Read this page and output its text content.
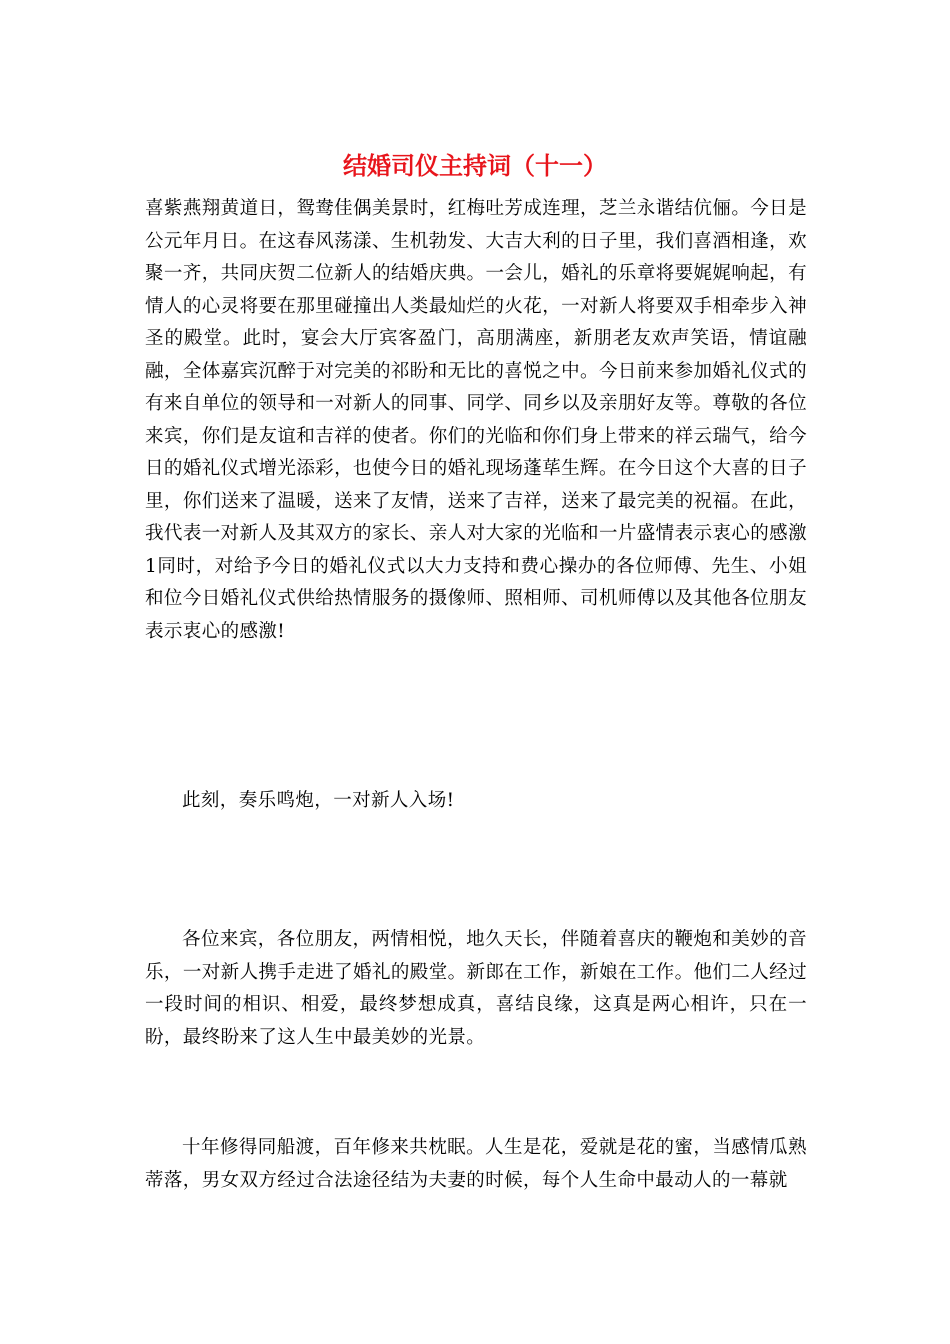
结婚司仪主持词（十一）

喜紫燕翔黄道日，鸳鸯佳偶美景时，红梅吐芳成连理，芝兰永谐结伉俪。今日是公元年月日。在这春风荡漾、生机勃发、大吉大利的日子里，我们喜酒相逢，欢聚一齐，共同庆贺二位新人的结婚庆典。一会儿，婚礼的乐章将要娓娓响起，有情人的心灵将要在那里碰撞出人类最灿烂的火花，一对新人将要双手相牵步入神圣的殿堂。此时，宴会大厅宾客盈门，高朋满座，新朋老友欢声笑语，情谊融融，全体嘉宾沉醉于对完美的祁盼和无比的喜悦之中。今日前来参加婚礼仪式的有来自单位的领导和一对新人的同事、同学、同乡以及亲朋好友等。尊敬的各位来宾，你们是友谊和吉祥的使者。你们的光临和你们身上带来的祥云瑞气，给今日的婚礼仪式增光添彩，也使今日的婚礼现场蓬荜生辉。在今日这个大喜的日子里，你们送来了温暖，送来了友情，送来了吉祥，送来了最完美的祝福。在此，我代表一对新人及其双方的家长、亲人对大家的光临和一片盛情表示衷心的感激1同时，对给予今日的婚礼仪式以大力支持和费心操办的各位师傅、先生、小姐和位今日婚礼仪式供给热情服务的摄像师、照相师、司机师傅以及其他各位朋友表示衷心的感激!

此刻，奏乐鸣炮，一对新人入场!

各位来宾，各位朋友，两情相悦，地久天长，伴随着喜庆的鞭炮和美妙的音乐，一对新人携手走进了婚礼的殿堂。新郎在工作，新娘在工作。他们二人经过一段时间的相识、相爱，最终梦想成真，喜结良缘，这真是两心相许，只在一盼，最终盼来了这人生中最美妙的光景。

十年修得同船渡，百年修来共枕眠。人生是花，爱就是花的蜜，当感情瓜熟蒂落，男女双方经过合法途径结为夫妻的时候，每个人生命中最动人的一幕就
